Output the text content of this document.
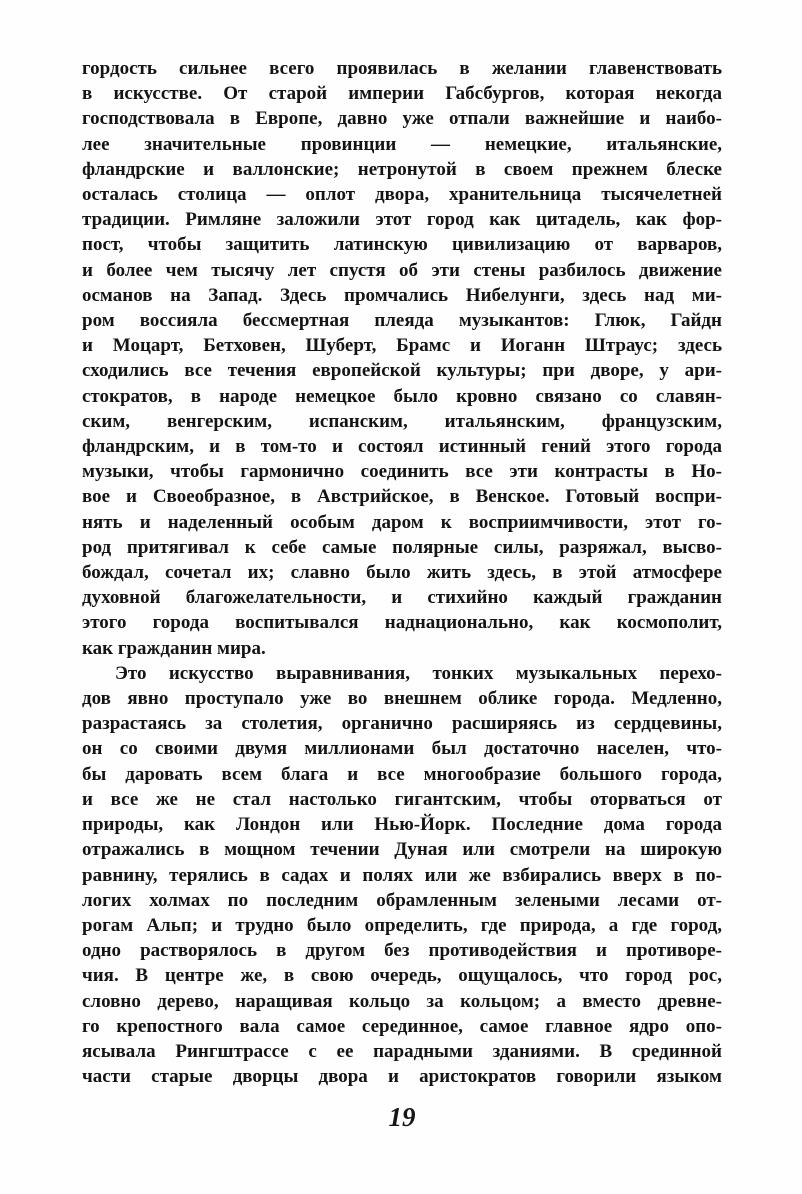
гордость сильнее всего проявилась в желании главенствовать
в искусстве. От старой империи Габсбургов, которая некогда
господствовала в Европе, давно уже отпали важнейшие и наибо-
лее значительные провинции — немецкие, итальянские,
фландрские и валлонские; нетронутой в своем прежнем блеске
осталась столица — оплот двора, хранительница тысячелетней
традиции. Римляне заложили этот город как цитадель, как фор-
пост, чтобы защитить латинскую цивилизацию от варваров,
и более чем тысячу лет спустя об эти стены разбилось движение
османов на Запад. Здесь промчались Нибелунги, здесь над ми-
ром воссияла бессмертная плеяда музыкантов: Глюк, Гайдн
и Моцарт, Бетховен, Шуберт, Брамс и Иоганн Штраус; здесь
сходились все течения европейской культуры; при дворе, у ари-
стократов, в народе немецкое было кровно связано со славян-
ским, венгерским, испанским, итальянским, французским,
фландрским, и в том-то и состоял истинный гений этого города
музыки, чтобы гармонично соединить все эти контрасты в Но-
вое и Своеобразное, в Австрийское, в Венское. Готовый воспри-
нять и наделенный особым даром к восприимчивости, этот го-
род притягивал к себе самые полярные силы, разряжал, высво-
бождал, сочетал их; славно было жить здесь, в этой атмосфере
духовной благожелательности, и стихийно каждый гражданин
этого города воспитывался наднационально, как космополит,
как гражданин мира.
Это искусство выравнивания, тонких музыкальных перехо-
дов явно проступало уже во внешнем облике города. Медленно,
разрастаясь за столетия, органично расширяясь из сердцевины,
он со своими двумя миллионами был достаточно населен, что-
бы даровать всем блага и все многообразие большого города,
и все же не стал настолько гигантским, чтобы оторваться от
природы, как Лондон или Нью-Йорк. Последние дома города
отражались в мощном течении Дуная или смотрели на широкую
равнину, терялись в садах и полях или же взбирались вверх в по-
логих холмах по последним обрамленным зелеными лесами от-
рогам Альп; и трудно было определить, где природа, а где город,
одно растворялось в другом без противодействия и противоре-
чия. В центре же, в свою очередь, ощущалось, что город рос,
словно дерево, наращивая кольцо за кольцом; а вместо древне-
го крепостного вала самое серединное, самое главное ядро опо-
ясывала Рингштрассе с ее парадными зданиями. В срединной
части старые дворцы двора и аристократов говорили языком
19
